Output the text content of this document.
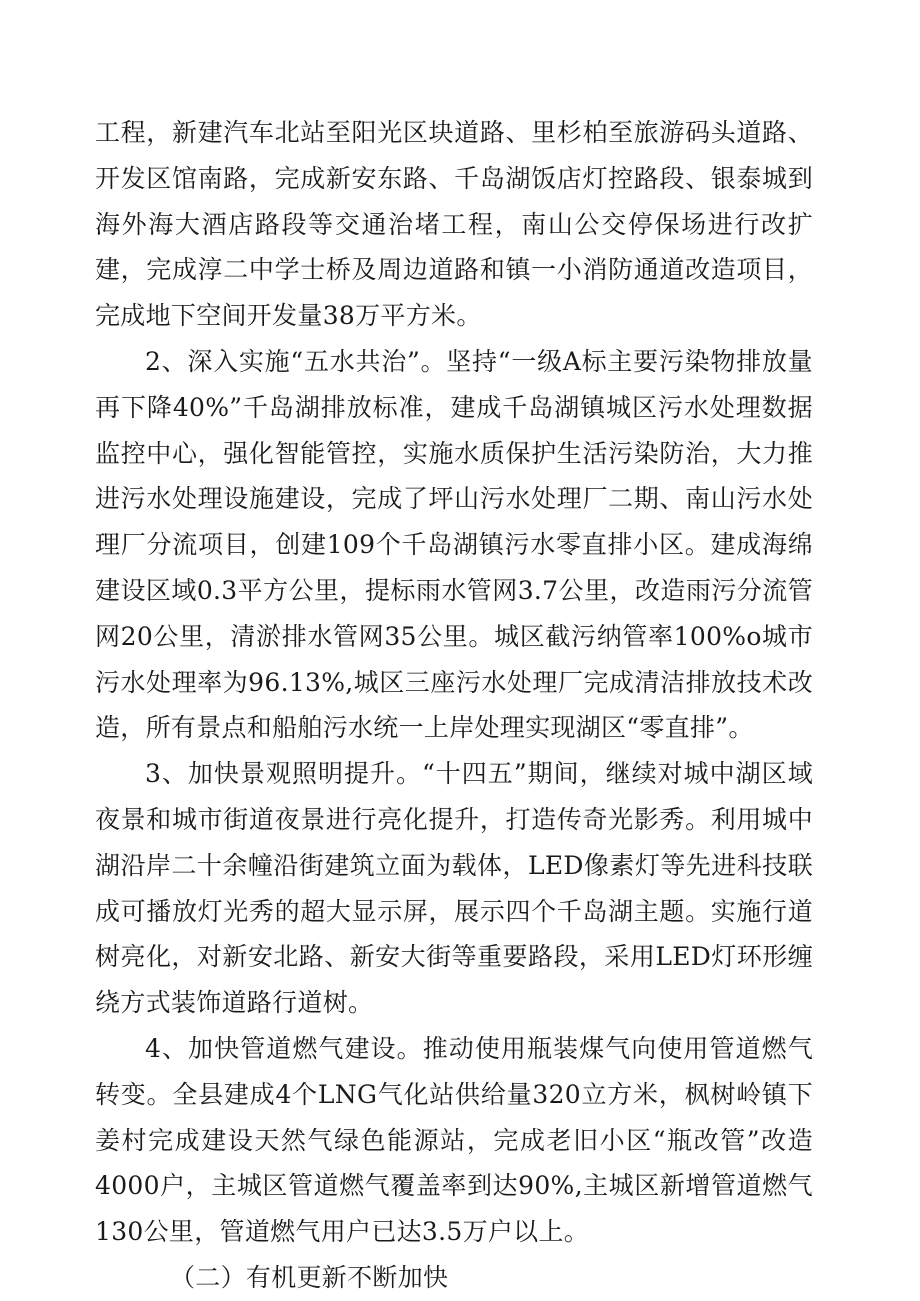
工程，新建汽车北站至阳光区块道路、里杉柏至旅游码头道路、开发区馆南路，完成新安东路、千岛湖饭店灯控路段、银泰城到海外海大酒店路段等交通治堵工程，南山公交停保场进行改扩建，完成淳二中学士桥及周边道路和镇一小消防通道改造项目，完成地下空间开发量38万平方米。

2、深入实施“五水共治”。坚持“一级A标主要污染物排放量再下降40%”千岛湖排放标准，建成千岛湖镇城区污水处理数据监控中心，强化智能管控，实施水质保护生活污染防治，大力推进污水处理设施建设，完成了坪山污水处理厂二期、南山污水处理厂分流项目，创建109个千岛湖镇污水零直排小区。建成海绵建设区域0.3平方公里，提标雨水管网3.7公里，改造雨污分流管网20公里，清淤排水管网35公里。城区截污纳管率100%o城市污水处理率为96.13%,城区三座污水处理厂完成清洁排放技术改造，所有景点和船舶污水统一上岸处理实现湖区“零直排”。

3、加快景观照明提升。“十四五”期间，继续对城中湖区域夜景和城市街道夜景进行亮化提升，打造传奇光影秀。利用城中湖沿岸二十余幢沿街建筑立面为载体，LED像素灯等先进科技联成可播放灯光秀的超大显示屏，展示四个千岛湖主题。实施行道树亮化，对新安北路、新安大街等重要路段，采用LED灯环形缠绕方式装饰道路行道树。

4、加快管道燃气建设。推动使用瓶装煤气向使用管道燃气转变。全县建成4个LNG气化站供给量320立方米，枫树岭镇下姜村完成建设天然气绿色能源站，完成老旧小区“瓶改管”改造4000户，主城区管道燃气覆盖率到达90%,主城区新增管道燃气130公里，管道燃气用户已达3.5万户以上。

（二）有机更新不断加快
